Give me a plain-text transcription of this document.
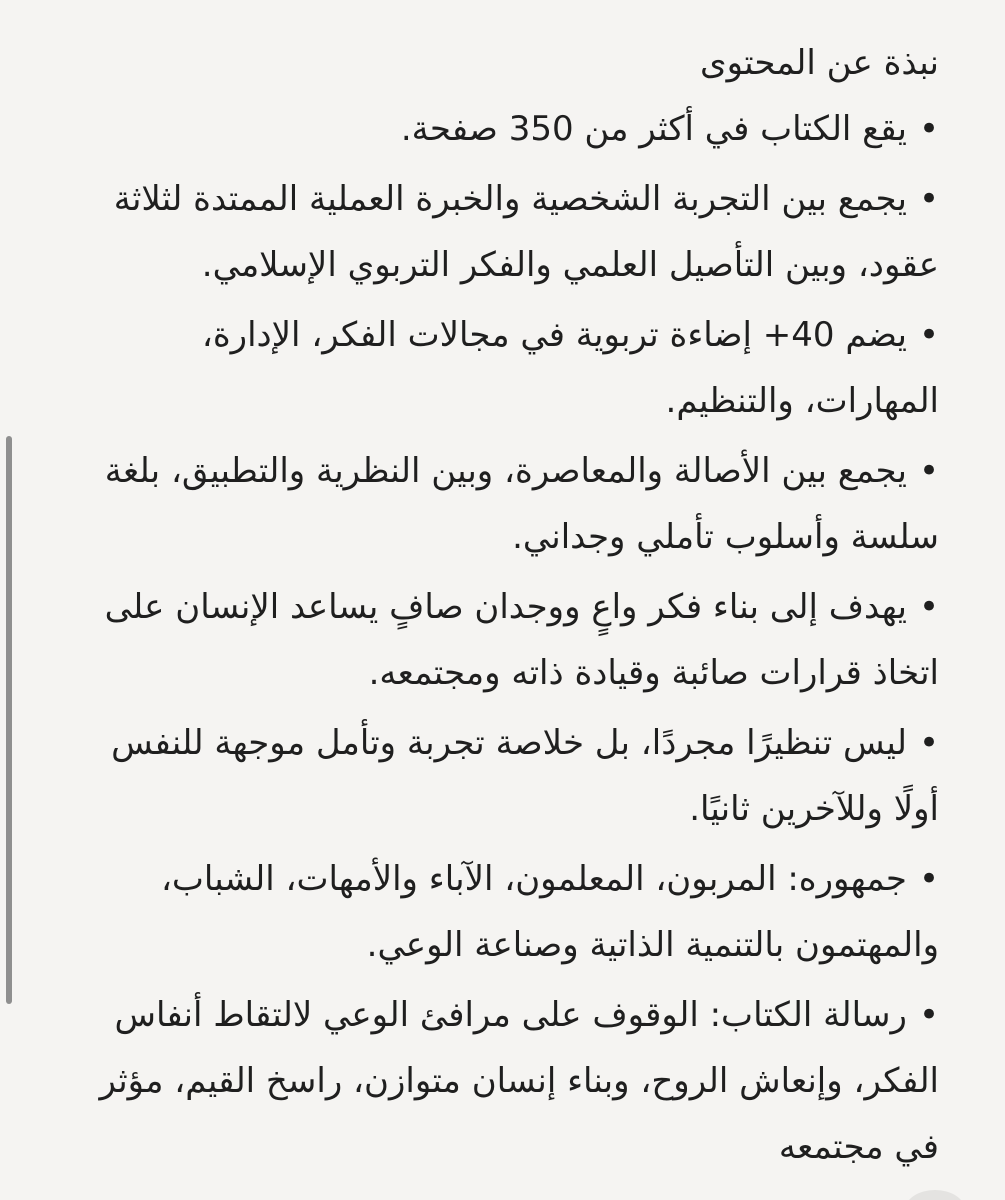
نبذة عن المحتوى
•يقع الكتاب في أكثر من 350 صفحة.
•يجمع بين التجربة الشخصية والخبرة العملية الممتدة لثلاثة عقود، وبين التأصيل العلمي والفكر التربوي الإسلامي.
•يضم 40+ إضاءة تربوية في مجالات الفكر، الإدارة، المهارات، والتنظيم.
•يجمع بين الأصالة والمعاصرة، وبين النظرية والتطبيق، بلغة سلسة وأسلوب تأملي وجداني.
•يهدف إلى بناء فكر واعٍ ووجدان صافٍ يساعد الإنسان على اتخاذ قرارات صائبة وقيادة ذاته ومجتمعه.
•ليس تنظيرًا مجردًا، بل خلاصة تجربة وتأمل موجهة للنفس أولًا وللآخرين ثانيًا.
•جمهوره: المربون، المعلمون، الآباء والأمهات، الشباب، والمهتمون بالتنمية الذاتية وصناعة الوعي.
•رسالة الكتاب: الوقوف على مرافئ الوعي لالتقاط أنفاس الفكر، وإنعاش الروح، وبناء إنسان متوازن، راسخ القيم، مؤثر في مجتمعه
